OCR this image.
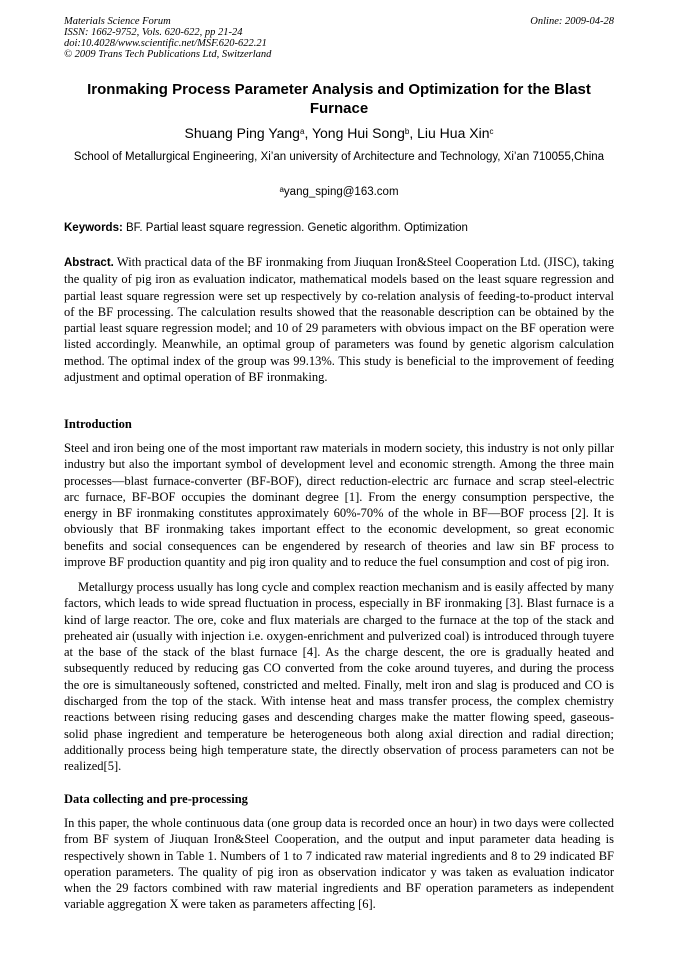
Materials Science Forum
ISSN: 1662-9752, Vols. 620-622, pp 21-24
doi:10.4028/www.scientific.net/MSF.620-622.21
© 2009 Trans Tech Publications Ltd, Switzerland
Online: 2009-04-28
Ironmaking Process Parameter Analysis and Optimization for the Blast Furnace
Shuang Ping Yang$^a$, Yong Hui Song$^b$, Liu Hua Xin$^c$
School of Metallurgical Engineering, Xi’an university of Architecture and Technology, Xi’an 710055,China
$^a$yang_sping@163.com
Keywords: BF. Partial least square regression. Genetic algorithm. Optimization
Abstract. With practical data of the BF ironmaking from Jiuquan Iron&Steel Cooperation Ltd. (JISC), taking the quality of pig iron as evaluation indicator, mathematical models based on the least square regression and partial least square regression were set up respectively by co-relation analysis of feeding-to-product interval of the BF processing. The calculation results showed that the reasonable description can be obtained by the partial least square regression model; and 10 of 29 parameters with obvious impact on the BF operation were listed accordingly. Meanwhile, an optimal group of parameters was found by genetic algorism calculation method. The optimal index of the group was 99.13%. This study is beneficial to the improvement of feeding adjustment and optimal operation of BF ironmaking.
Introduction

Steel and iron being one of the most important raw materials in modern society, this industry is not only pillar industry but also the important symbol of development level and economic strength. Among the three main processes—blast furnace-converter (BF-BOF), direct reduction-electric arc furnace and scrap steel-electric arc furnace, BF-BOF occupies the dominant degree [1]. From the energy consumption perspective, the energy in BF ironmaking constitutes approximately 60%-70% of the whole in BF—BOF process [2]. It is obviously that BF ironmaking takes important effect to the economic development, so great economic benefits and social consequences can be engendered by research of theories and law sin BF process to improve BF production quantity and pig iron quality and to reduce the fuel consumption and cost of pig iron.

Metallurgy process usually has long cycle and complex reaction mechanism and is easily affected by many factors, which leads to wide spread fluctuation in process, especially in BF ironmaking [3]. Blast furnace is a kind of large reactor. The ore, coke and flux materials are charged to the furnace at the top of the stack and preheated air (usually with injection i.e. oxygen-enrichment and pulverized coal) is introduced through tuyere at the base of the stack of the blast furnace [4]. As the charge descent, the ore is gradually heated and subsequently reduced by reducing gas CO converted from the coke around tuyeres, and during the process the ore is simultaneously softened, constricted and melted. Finally, melt iron and slag is produced and CO is discharged from the top of the stack. With intense heat and mass transfer process, the complex chemistry reactions between rising reducing gases and descending charges make the matter flowing speed, gaseous-solid phase ingredient and temperature be heterogeneous both along axial direction and radial direction; additionally process being high temperature state, the directly observation of process parameters can not be realized[5].

Data collecting and pre-processing

In this paper, the whole continuous data (one group data is recorded once an hour) in two days were collected from BF system of Jiuquan Iron&Steel Cooperation, and the output and input parameter data heading is respectively shown in Table 1. Numbers of 1 to 7 indicated raw material ingredients and 8 to 29 indicated BF operation parameters. The quality of pig iron as observation indicator y was taken as evaluation indicator when the 29 factors combined with raw material ingredients and BF operation parameters as independent variable aggregation X were taken as parameters affecting [6].
